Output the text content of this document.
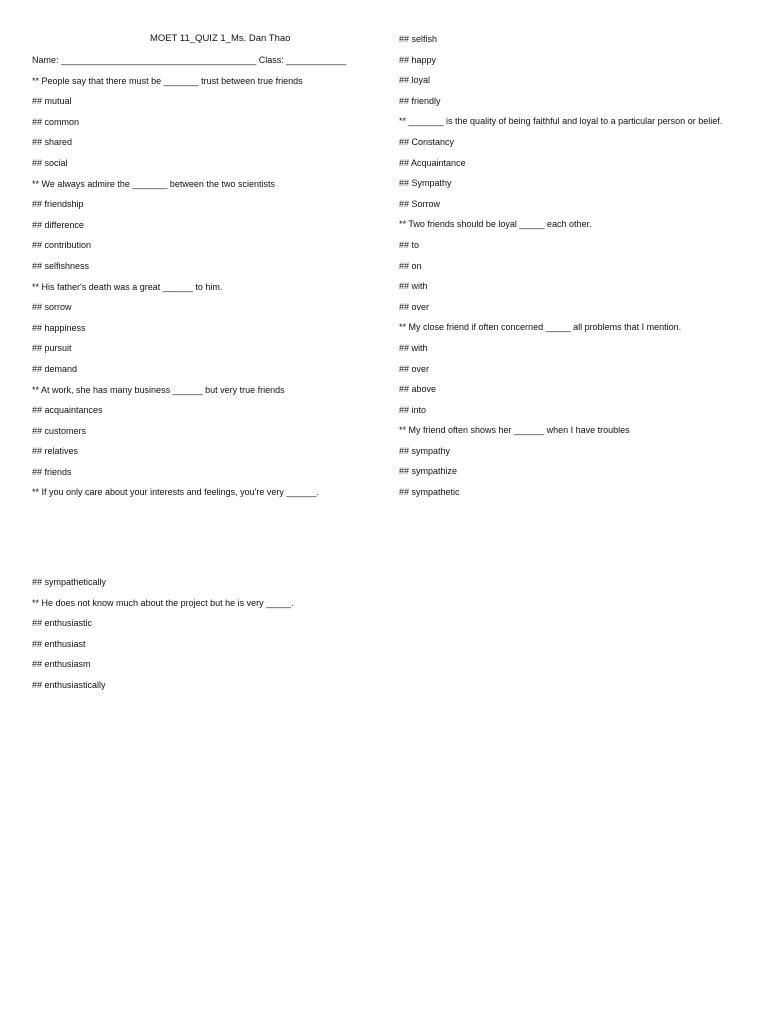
MOET 11_QUIZ 1_Ms. Dan Thao

Name: _______________________________________ Class: ____________

** People say that there must be _______ trust between true friends

## mutual

## common

## shared

## social

** We always admire the _______ between the two scientists

## friendship

## difference

## contribution

## selfishness

** His father's death was a great ______ to him.

## sorrow

## happiness

## pursuit

## demand

** At work, she has many business ______ but very true friends

## acquaintances

## customers

## relatives

## friends

** If you only care about your interests and feelings, you're very ______.

## sympathetically

** He does not know much about the project but he is very _____.

## enthusiastic

## enthusiast

## enthusiasm

## enthusiastically

## selfish

## happy

## loyal

## friendly

** _______ is the quality of being faithful and loyal to a particular person or belief.

## Constancy

## Acquaintance

## Sympathy

## Sorrow

** Two friends should be loyal _____ each other.

## to

## on

## with

## over

** My close friend if often concerned _____ all problems that I mention.

## with

## over

## above

## into

** My friend often shows her ______ when I have troubles

## sympathy

## sympathize

## sympathetic
